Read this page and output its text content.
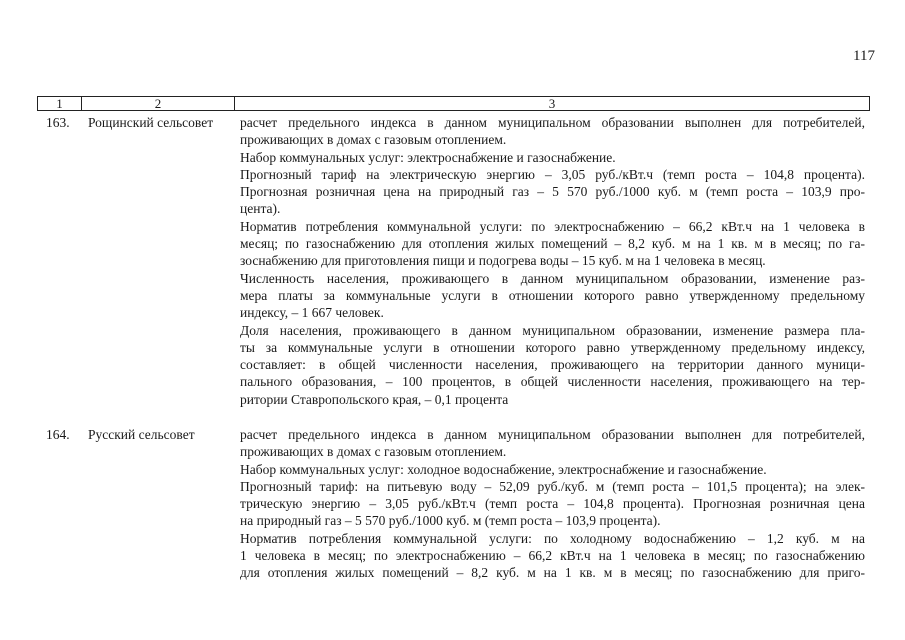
117
1	2	3
163.	Рощинский сельсовет	расчет предельного индекса в данном муниципальном образовании выполнен для потребителей,
проживающих в домах с газовым отоплением.
Набор коммунальных услуг: электроснабжение и газоснабжение.
Прогнозный тариф на электрическую энергию – 3,05 руб./кВт.ч (темп роста – 104,8 процента).
Прогнозная розничная цена на природный газ – 5 570 руб./1000 куб. м (темп роста – 103,9 про-
цента).
Норматив потребления коммунальной услуги: по электроснабжению – 66,2 кВт.ч на 1 человека в
месяц; по газоснабжению для отопления жилых помещений – 8,2 куб. м на 1 кв. м в месяц; по га-
зоснабжению для приготовления пищи и подогрева воды – 15 куб. м на 1 человека в месяц.
Численность населения, проживающего в данном муниципальном образовании, изменение раз-
мера платы за коммунальные услуги в отношении которого равно утвержденному предельному
индексу, – 1 667 человек.
Доля населения, проживающего в данном муниципальном образовании, изменение размера пла-
ты за коммунальные услуги в отношении которого равно утвержденному предельному индексу,
составляет: в общей численности населения, проживающего на территории данного муници-
пального образования, – 100 процентов, в общей численности населения, проживающего на тер-
ритории Ставропольского края, – 0,1 процента
164.	Русский сельсовет	расчет предельного индекса в данном муниципальном образовании выполнен для потребителей,
проживающих в домах с газовым отоплением.
Набор коммунальных услуг: холодное водоснабжение, электроснабжение и газоснабжение.
Прогнозный тариф: на питьевую воду – 52,09 руб./куб. м (темп роста – 101,5 процента); на элек-
трическую энергию – 3,05 руб./кВт.ч (темп роста – 104,8 процента). Прогнозная розничная цена
на природный газ – 5 570 руб./1000 куб. м (темп роста – 103,9 процента).
Норматив потребления коммунальной услуги: по холодному водоснабжению – 1,2 куб. м на
1 человека в месяц; по электроснабжению – 66,2 кВт.ч на 1 человека в месяц; по газоснабжению
для отопления жилых помещений – 8,2 куб. м на 1 кв. м в месяц; по газоснабжению для приго-
